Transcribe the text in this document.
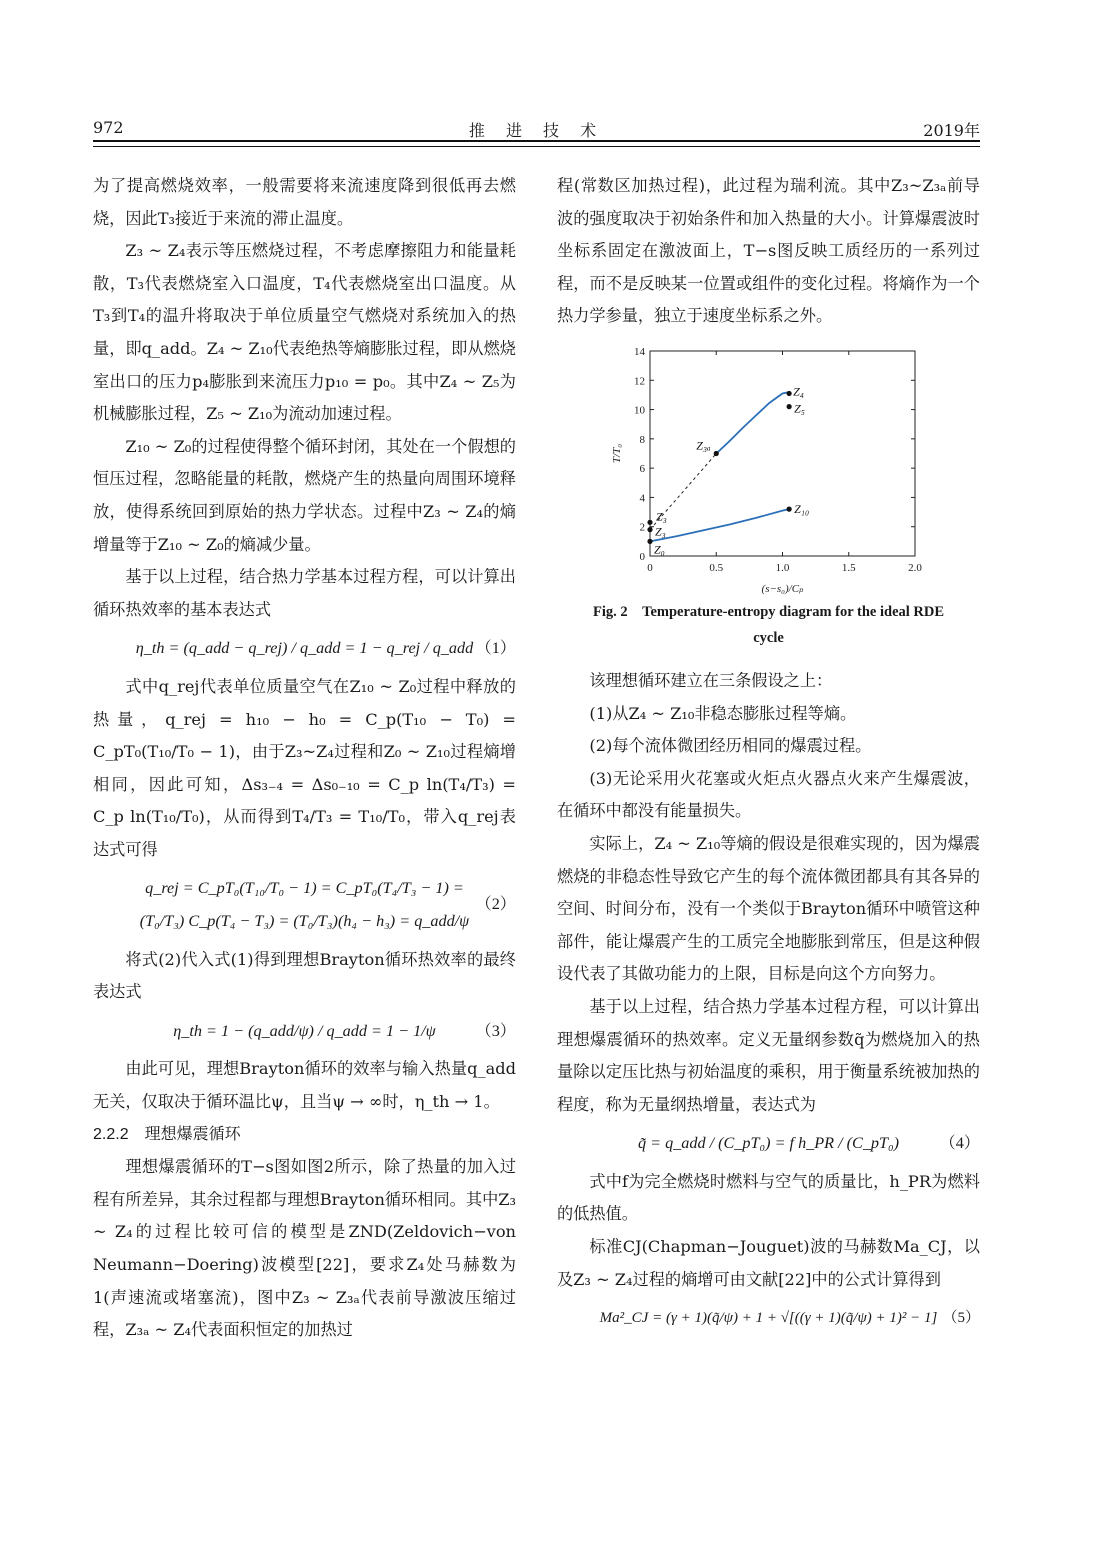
972	推 进 技 术	2019年

为了提高燃烧效率，一般需要将来流速度降到很低再去燃烧，因此T₃接近于来流的滞止温度。

Z₃ ~ Z₄表示等压燃烧过程，不考虑摩擦阻力和能量耗散，T₃代表燃烧室入口温度，T₄代表燃烧室出口温度。从T₃到T₄的温升将取决于单位质量空气燃烧对系统加入的热量，即q_add。Z₄ ~ Z₁₀代表绝热等熵膨胀过程，即从燃烧室出口的压力p₄膨胀到来流压力p₁₀ = p₀。其中Z₄ ~ Z₅为机械膨胀过程，Z₅ ~ Z₁₀为流动加速过程。

Z₁₀ ~ Z₀的过程使得整个循环封闭，其处在一个假想的恒压过程，忽略能量的耗散，燃烧产生的热量向周围环境释放，使得系统回到原始的热力学状态。过程中Z₃ ~ Z₄的熵增量等于Z₁₀ ~ Z₀的熵减少量。

基于以上过程，结合热力学基本过程方程，可以计算出循环热效率的基本表达式

η_th = (q_add − q_rej) / q_add = 1 − q_rej / q_add （1）

式中q_rej代表单位质量空气在Z₁₀ ~ Z₀过程中释放的热量，q_rej = h₁₀ − h₀ = C_p(T₁₀ − T₀) = C_pT₀(T₁₀/T₀ − 1)，由于Z₃~Z₄过程和Z₀ ~ Z₁₀过程熵增相同，因此可知，Δs₃₋₄ = Δs₀₋₁₀ = C_p ln(T₄/T₃) = C_p ln(T₁₀/T₀)，从而得到T₄/T₃ = T₁₀/T₀，带入q_rej表达式可得

q_rej = C_pT₀(T₁₀/T₀ − 1) = C_pT₀(T₄/T₃ − 1) =
(T₀/T₃) C_p(T₄ − T₃) = (T₀/T₃)(h₄ − h₃) = q_add/ψ
（2）

将式(2)代入式(1)得到理想Brayton循环热效率的最终表达式

η_th = 1 − (q_add/ψ) / q_add = 1 − 1/ψ （3）

由此可见，理想Brayton循环的效率与输入热量q_add无关，仅取决于循环温比ψ，且当ψ → ∞时，η_th → 1。

2.2.2　理想爆震循环

理想爆震循环的T−s图如图2所示，除了热量的加入过程有所差异，其余过程都与理想Brayton循环相同。其中Z₃ ~ Z₄的过程比较可信的模型是ZND(Zeldovich−von Neumann−Doering)波模型[22]，要求Z₄处马赫数为1(声速流或堵塞流)，图中Z₃ ~ Z₃ₐ代表前导激波压缩过程，Z₃ₐ ~ Z₄代表面积恒定的加热过

程(常数区加热过程)，此过程为瑞利流。其中Z₃~Z₃ₐ前导波的强度取决于初始条件和加入热量的大小。计算爆震波时坐标系固定在激波面上，T−s图反映工质经历的一系列过程，而不是反映某一位置或组件的变化过程。将熵作为一个热力学参量，独立于速度坐标系之外。

0	0.5	1.0	1.5	2.0
0
2
4
6
8
10
12
14
(s−s₀)/Cₚ
T/T₀
Z₀
Z₃
Z₃
Z₃ₐ
Z₄
Z₅
Z₁₀
Fig. 2　Temperature-entropy diagram for the ideal RDE
cycle

该理想循环建立在三条假设之上：

(1)从Z₄ ~ Z₁₀非稳态膨胀过程等熵。

(2)每个流体微团经历相同的爆震过程。

(3)无论采用火花塞或火炬点火器点火来产生爆震波，在循环中都没有能量损失。

实际上，Z₄ ~ Z₁₀等熵的假设是很难实现的，因为爆震燃烧的非稳态性导致它产生的每个流体微团都具有其各异的空间、时间分布，没有一个类似于Brayton循环中喷管这种部件，能让爆震产生的工质完全地膨胀到常压，但是这种假设代表了其做功能力的上限，目标是向这个方向努力。

基于以上过程，结合热力学基本过程方程，可以计算出理想爆震循环的热效率。定义无量纲参数q̃为燃烧加入的热量除以定压比热与初始温度的乘积，用于衡量系统被加热的程度，称为无量纲热增量，表达式为

q̃ = q_add / (C_pT₀) = f h_PR / (C_pT₀) （4）

式中f为完全燃烧时燃料与空气的质量比，h_PR为燃料的低热值。

标准CJ(Chapman−Jouguet)波的马赫数Ma_CJ，以及Z₃ ~ Z₄过程的熵增可由文献[22]中的公式计算得到

Ma²_CJ = (γ + 1)(q̃/ψ) + 1 + √[((γ + 1)(q̃/ψ) + 1)² − 1] （5）
